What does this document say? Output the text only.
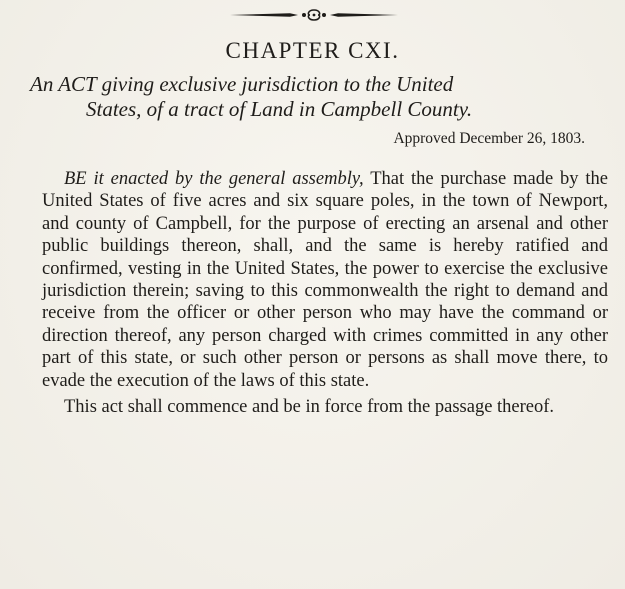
CHAPTER CXI.

An ACT giving exclusive jurisdiction to the United
States, of a tract of Land in Campbell County.

Approved December 26, 1803.

BE it enacted by the general assembly, That the purchase made by the United States of five acres and six square poles, in the town of Newport, and county of Campbell, for the purpose of erecting an arsenal and other public buildings thereon, shall, and the same is hereby ratified and confirmed, vesting in the United States, the power to exercise the exclusive jurisdiction therein; saving to this commonwealth the right to demand and receive from the officer or other person who may have the command or direction thereof, any person charged with crimes committed in any other part of this state, or such other person or persons as shall move there, to evade the execution of the laws of this state.

This act shall commence and be in force from the passage thereof.
